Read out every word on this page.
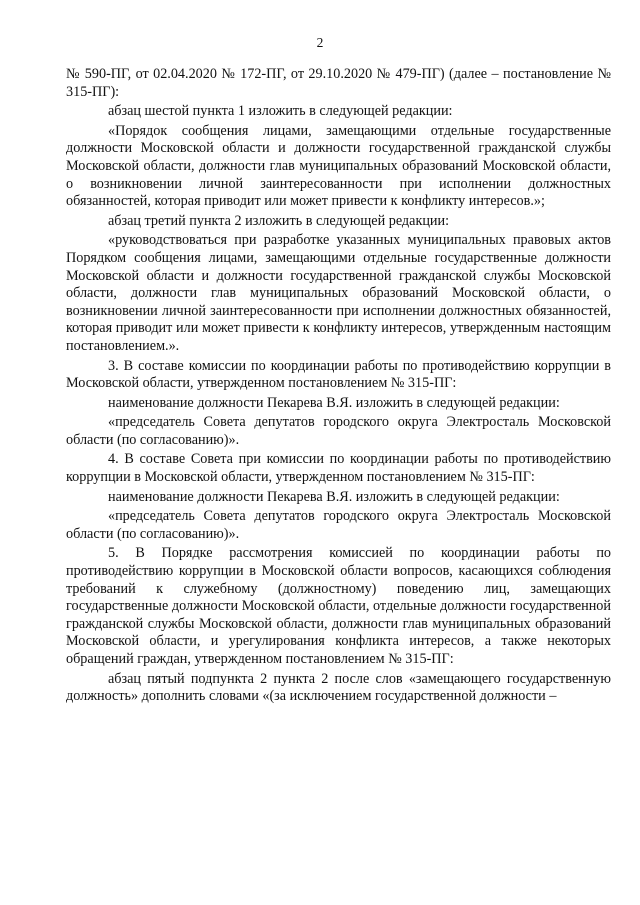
2

№ 590-ПГ, от 02.04.2020 № 172-ПГ, от 29.10.2020 № 479-ПГ) (далее – постановление № 315-ПГ):

абзац шестой пункта 1 изложить в следующей редакции:

«Порядок сообщения лицами, замещающими отдельные государственные должности Московской области и должности государственной гражданской службы Московской области, должности глав муниципальных образований Московской области, о возникновении личной заинтересованности при исполнении должностных обязанностей, которая приводит или может привести к конфликту интересов.»;

абзац третий пункта 2 изложить в следующей редакции:

«руководствоваться при разработке указанных муниципальных правовых актов Порядком сообщения лицами, замещающими отдельные государственные должности Московской области и должности государственной гражданской службы Московской области, должности глав муниципальных образований Московской области, о возникновении личной заинтересованности при исполнении должностных обязанностей, которая приводит или может привести к конфликту интересов, утвержденным настоящим постановлением.».

3. В составе комиссии по координации работы по противодействию коррупции в Московской области, утвержденном постановлением № 315-ПГ:

наименование должности Пекарева В.Я. изложить в следующей редакции:

«председатель Совета депутатов городского округа Электросталь Московской области (по согласованию)».

4. В составе Совета при комиссии по координации работы по противодействию коррупции в Московской области, утвержденном постановлением № 315-ПГ:

наименование должности Пекарева В.Я. изложить в следующей редакции:

«председатель Совета депутатов городского округа Электросталь Московской области (по согласованию)».

5. В Порядке рассмотрения комиссией по координации работы по противодействию коррупции в Московской области вопросов, касающихся соблюдения требований к служебному (должностному) поведению лиц, замещающих государственные должности Московской области, отдельные должности государственной гражданской службы Московской области, должности глав муниципальных образований Московской области, и урегулирования конфликта интересов, а также некоторых обращений граждан, утвержденном постановлением № 315-ПГ:

абзац пятый подпункта 2 пункта 2 после слов «замещающего государственную должность» дополнить словами «(за исключением государственной должности –
